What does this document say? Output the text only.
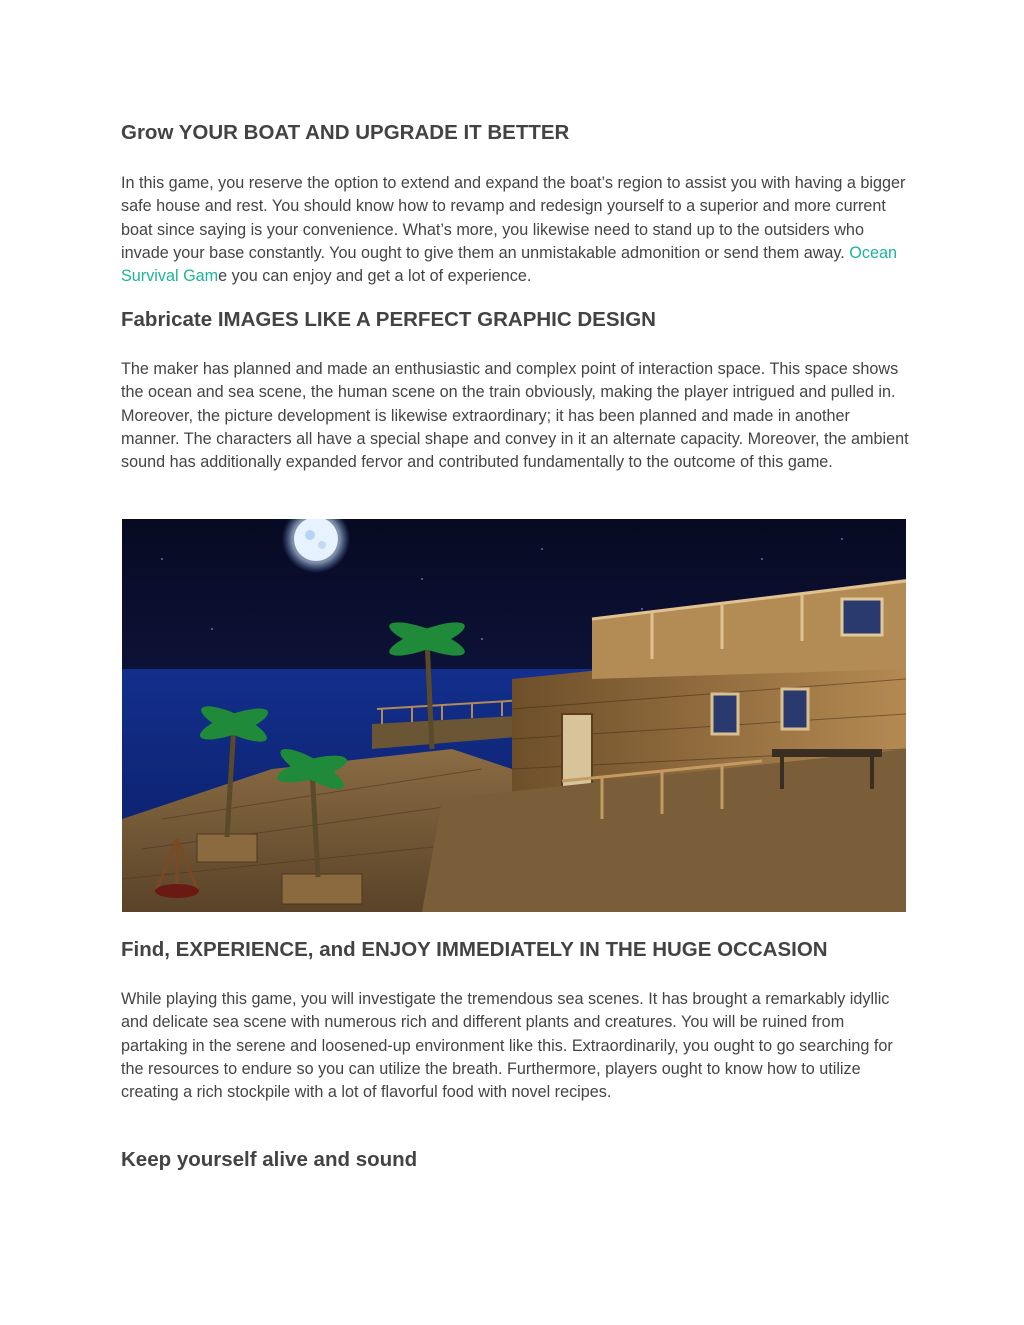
Grow YOUR BOAT AND UPGRADE IT BETTER

In this game, you reserve the option to extend and expand the boat’s region to assist you with having a bigger safe house and rest. You should know how to revamp and redesign yourself to a superior and more current boat since saying is your convenience. What’s more, you likewise need to stand up to the outsiders who invade your base constantly. You ought to give them an unmistakable admonition or send them away. Ocean Survival Game you can enjoy and get a lot of experience.

Fabricate IMAGES LIKE A PERFECT GRAPHIC DESIGN

The maker has planned and made an enthusiastic and complex point of interaction space. This space shows the ocean and sea scene, the human scene on the train obviously, making the player intrigued and pulled in. Moreover, the picture development is likewise extraordinary; it has been planned and made in another manner. The characters all have a special shape and convey in it an alternate capacity. Moreover, the ambient sound has additionally expanded fervor and contributed fundamentally to the outcome of this game.

Find, EXPERIENCE, and ENJOY IMMEDIATELY IN THE HUGE OCCASION

While playing this game, you will investigate the tremendous sea scenes. It has brought a remarkably idyllic and delicate sea scene with numerous rich and different plants and creatures. You will be ruined from partaking in the serene and loosened-up environment like this. Extraordinarily, you ought to go searching for the resources to endure so you can utilize the breath. Furthermore, players ought to know how to utilize creating a rich stockpile with a lot of flavorful food with novel recipes.

Keep yourself alive and sound
